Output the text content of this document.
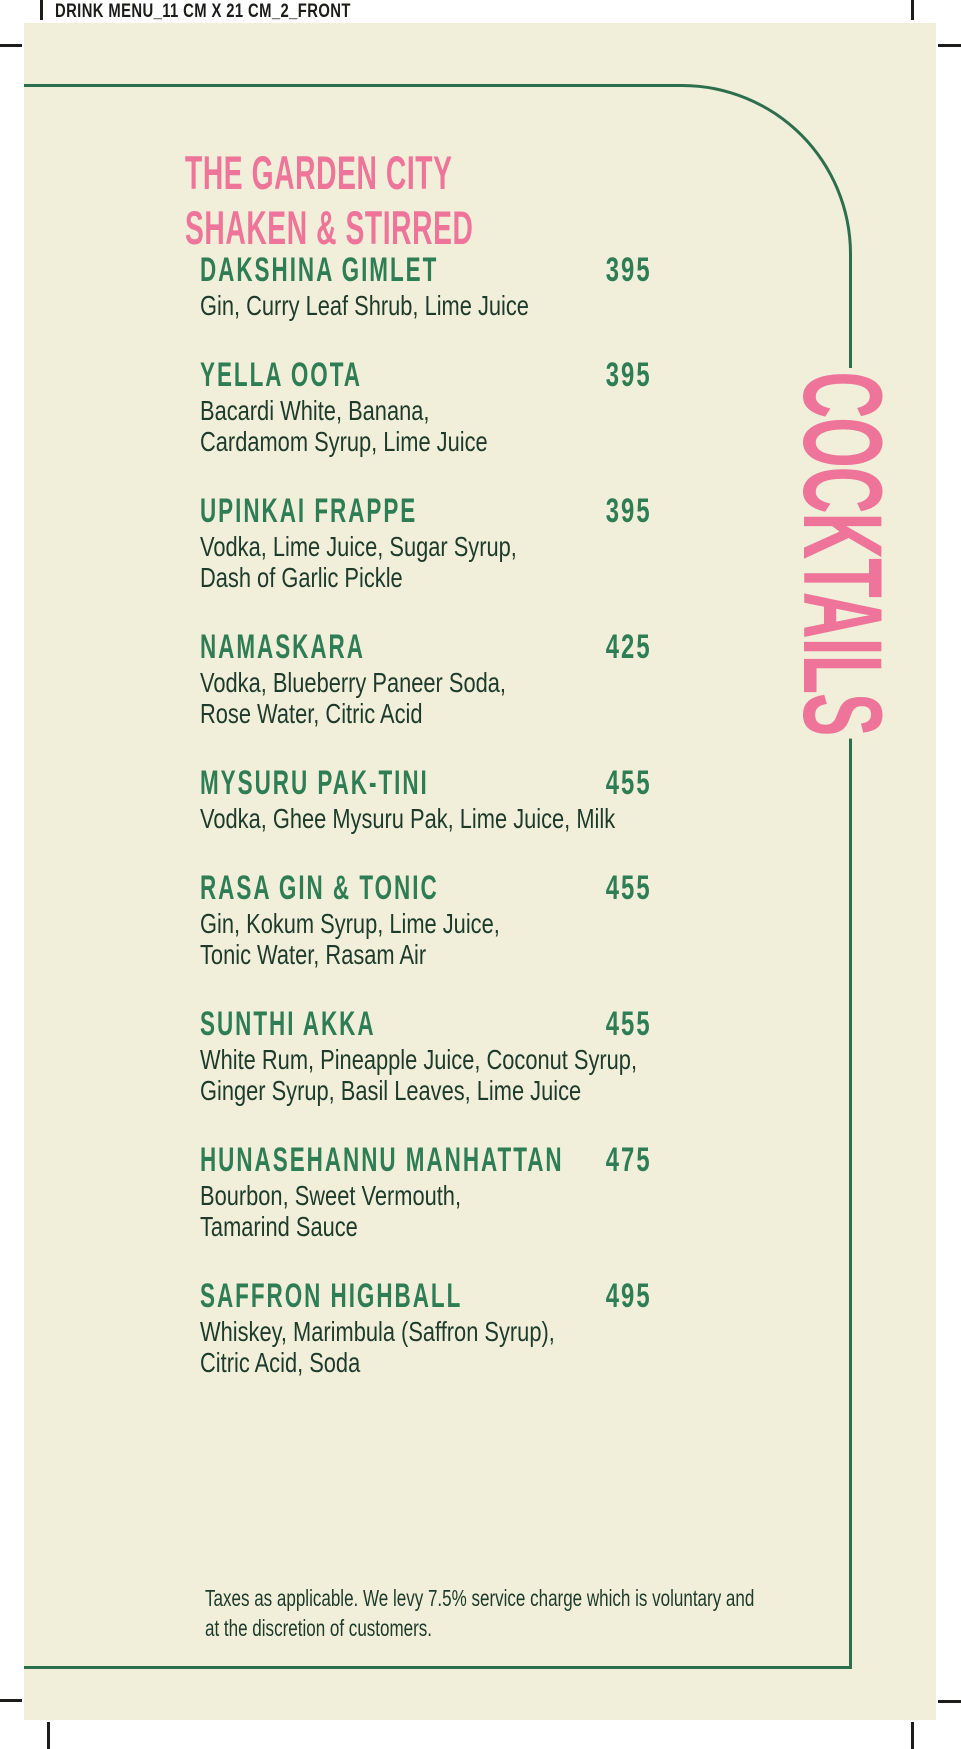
DRINK MENU_11 CM X 21 CM_2_FRONT
THE GARDEN CITY
SHAKEN & STIRRED
DAKSHINA GIMLET	395
Gin, Curry Leaf Shrub, Lime Juice
YELLA OOTA	395
Bacardi White, Banana,
Cardamom Syrup, Lime Juice
UPINKAI FRAPPE	395
Vodka, Lime Juice, Sugar Syrup,
Dash of Garlic Pickle
NAMASKARA	425
Vodka, Blueberry Paneer Soda,
Rose Water, Citric Acid
MYSURU PAK-TINI	455
Vodka, Ghee Mysuru Pak, Lime Juice, Milk
RASA GIN & TONIC	455
Gin, Kokum Syrup, Lime Juice,
Tonic Water, Rasam Air
SUNTHI AKKA	455
White Rum, Pineapple Juice, Coconut Syrup,
Ginger Syrup, Basil Leaves, Lime Juice
HUNASEHANNU MANHATTAN 475
Bourbon, Sweet Vermouth,
Tamarind Sauce
SAFFRON HIGHBALL	495
Whiskey, Marimbula (Saffron Syrup),
Citric Acid, Soda
COCKTAILS
Taxes as applicable. We levy 7.5% service charge which is voluntary and
at the discretion of customers.
